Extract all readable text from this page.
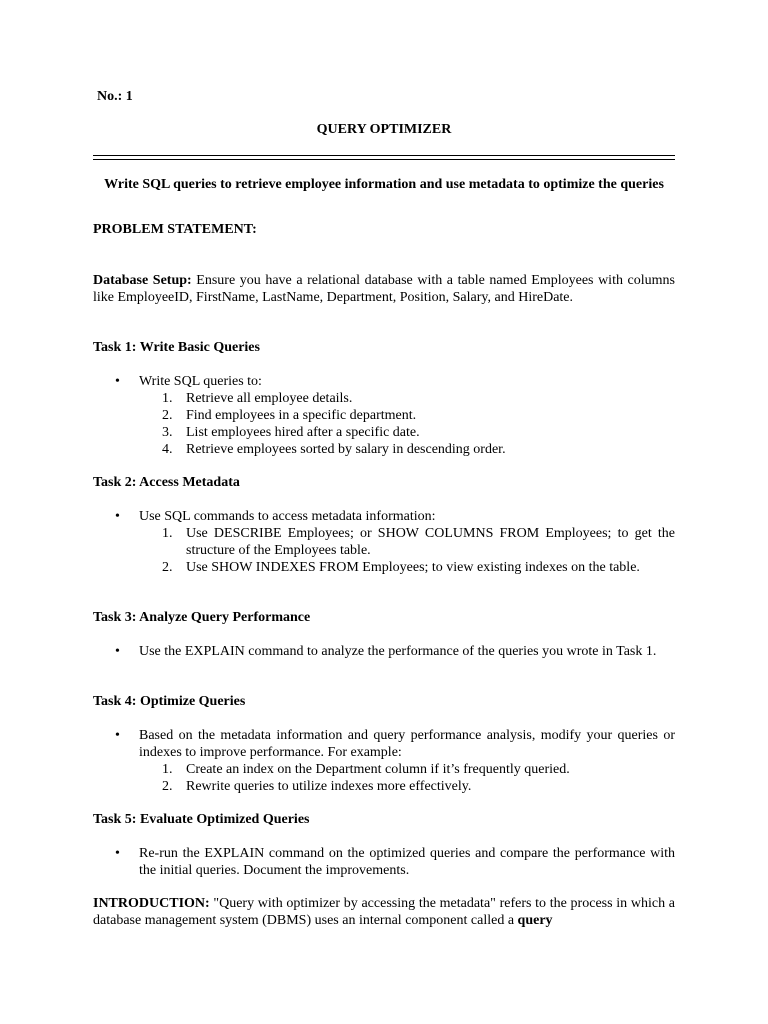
No.: 1
QUERY OPTIMIZER
Write SQL queries to retrieve employee information and use metadata to optimize the queries
PROBLEM STATEMENT:
Database Setup: Ensure you have a relational database with a table named Employees with columns like EmployeeID, FirstName, LastName, Department, Position, Salary, and HireDate.
Task 1: Write Basic Queries
• Write SQL queries to:
1. Retrieve all employee details.
2. Find employees in a specific department.
3. List employees hired after a specific date.
4. Retrieve employees sorted by salary in descending order.
Task 2: Access Metadata
• Use SQL commands to access metadata information:
1. Use DESCRIBE Employees; or SHOW COLUMNS FROM Employees; to get the structure of the Employees table.
2. Use SHOW INDEXES FROM Employees; to view existing indexes on the table.
Task 3: Analyze Query Performance
• Use the EXPLAIN command to analyze the performance of the queries you wrote in Task 1.
Task 4: Optimize Queries
• Based on the metadata information and query performance analysis, modify your queries or indexes to improve performance. For example:
1. Create an index on the Department column if it’s frequently queried.
2. Rewrite queries to utilize indexes more effectively.
Task 5: Evaluate Optimized Queries
• Re-run the EXPLAIN command on the optimized queries and compare the performance with the initial queries. Document the improvements.
INTRODUCTION: "Query with optimizer by accessing the metadata" refers to the process in which a database management system (DBMS) uses an internal component called a query
